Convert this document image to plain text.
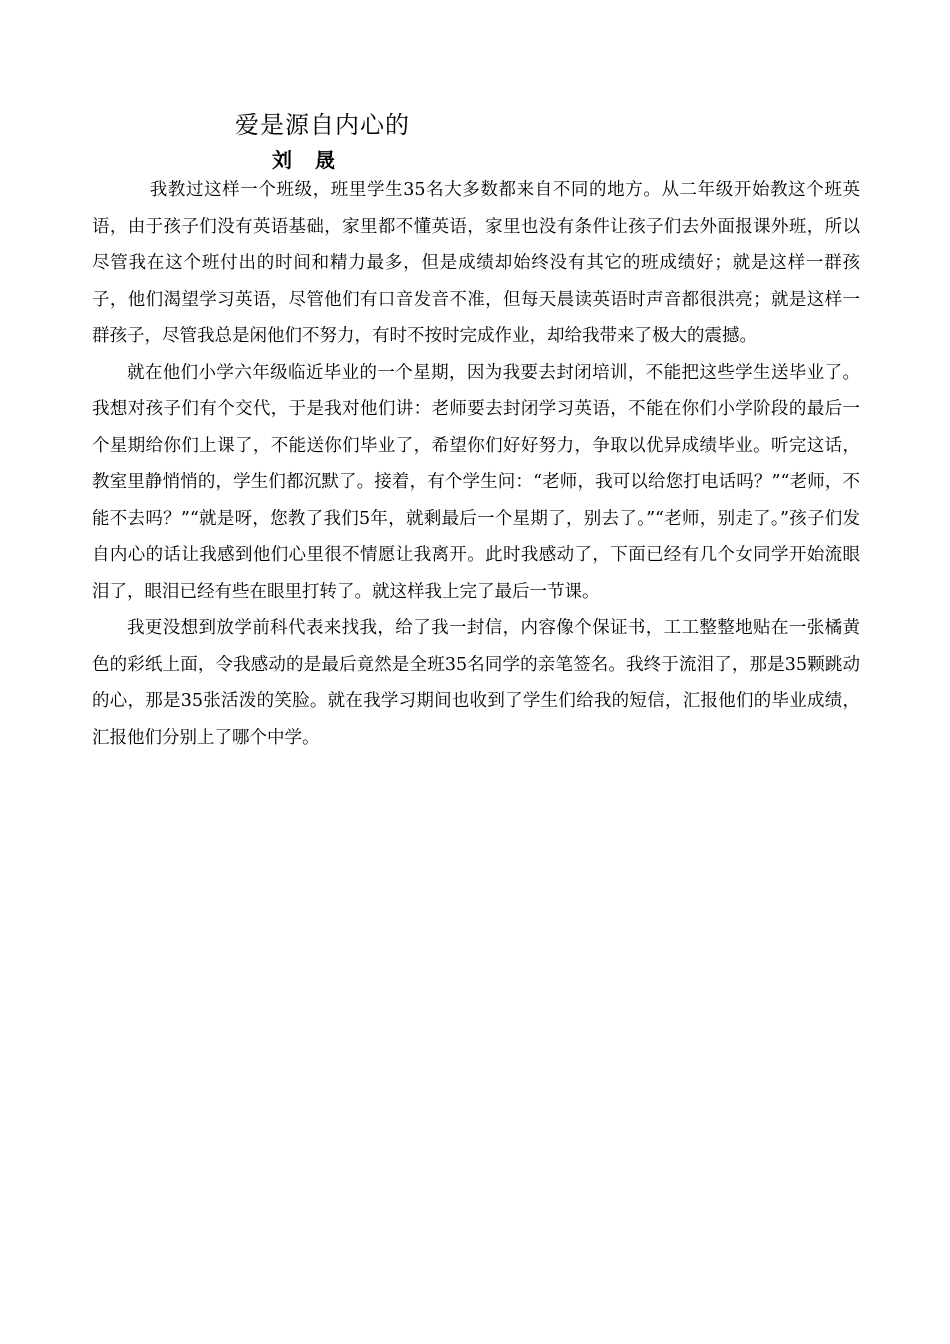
爱是源自内心的
刘 晟

我教过这样一个班级，班里学生35名大多数都来自不同的地方。从二年级开始教这个班英语，由于孩子们没有英语基础，家里都不懂英语，家里也没有条件让孩子们去外面报课外班，所以尽管我在这个班付出的时间和精力最多，但是成绩却始终没有其它的班成绩好；就是这样一群孩子，他们渴望学习英语，尽管他们有口音发音不准，但每天晨读英语时声音都很洪亮；就是这样一群孩子，尽管我总是闲他们不努力，有时不按时完成作业，却给我带来了极大的震撼。

就在他们小学六年级临近毕业的一个星期，因为我要去封闭培训，不能把这些学生送毕业了。我想对孩子们有个交代，于是我对他们讲：老师要去封闭学习英语，不能在你们小学阶段的最后一个星期给你们上课了，不能送你们毕业了，希望你们好好努力，争取以优异成绩毕业。听完这话，教室里静悄悄的，学生们都沉默了。接着，有个学生问：“老师，我可以给您打电话吗？”“老师，不能不去吗？”“就是呀，您教了我们5年，就剩最后一个星期了，别去了。”“老师，别走了。”孩子们发自内心的话让我感到他们心里很不情愿让我离开。此时我感动了，下面已经有几个女同学开始流眼泪了，眼泪已经有些在眼里打转了。就这样我上完了最后一节课。

我更没想到放学前科代表来找我，给了我一封信，内容像个保证书，工工整整地贴在一张橘黄色的彩纸上面，令我感动的是最后竟然是全班35名同学的亲笔签名。我终于流泪了，那是35颗跳动的心，那是35张活泼的笑脸。就在我学习期间也收到了学生们给我的短信，汇报他们的毕业成绩，汇报他们分别上了哪个中学。
